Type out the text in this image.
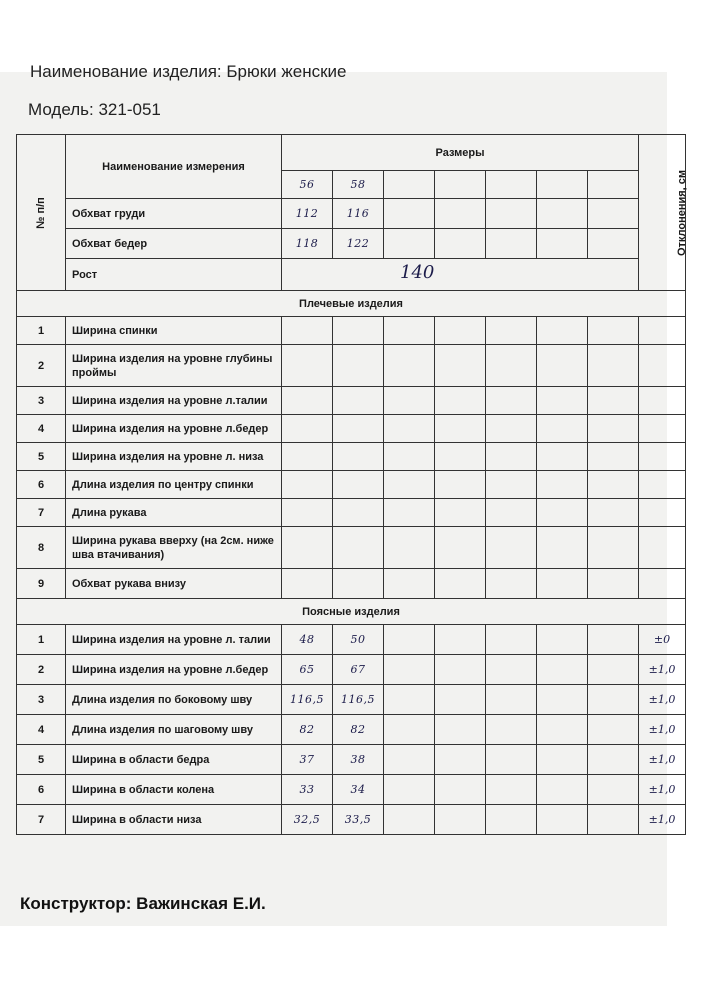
Наименование изделия: Брюки женские
Модель: 321-051
№ п/п	Наименование измерения	Размеры							Отклонения, см
		56	58						
	Обхват груди	112	116						
	Обхват бедер	118	122						
	Рост	140							

Плечевые изделия									
1	Ширина спинки								
2	Ширина изделия на уровне глубины проймы								
3	Ширина изделия на уровне л.талии								
4	Ширина изделия на уровне л.бедер								
5	Ширина изделия на уровне л. низа								
6	Длина изделия по центру спинки								
7	Длина рукава								
8	Ширина рукава вверху (на 2см. ниже шва втачивания)								
9	Обхват рукава внизу								
Поясные изделия									
1	Ширина изделия на уровне л. талии	48	50						±0
2	Ширина изделия на уровне л.бедер	65	67						±1,0
3	Длина изделия по боковому шву	116,5	116,5						±1,0
4	Длина изделия по шаговому шву	82	82						±1,0
5	Ширина в области бедра	37	38						±1,0
6	Ширина в области колена	33	34						±1,0
7	Ширина в области низа	32,5	33,5						±1,0
Конструктор: Важинская Е.И.
